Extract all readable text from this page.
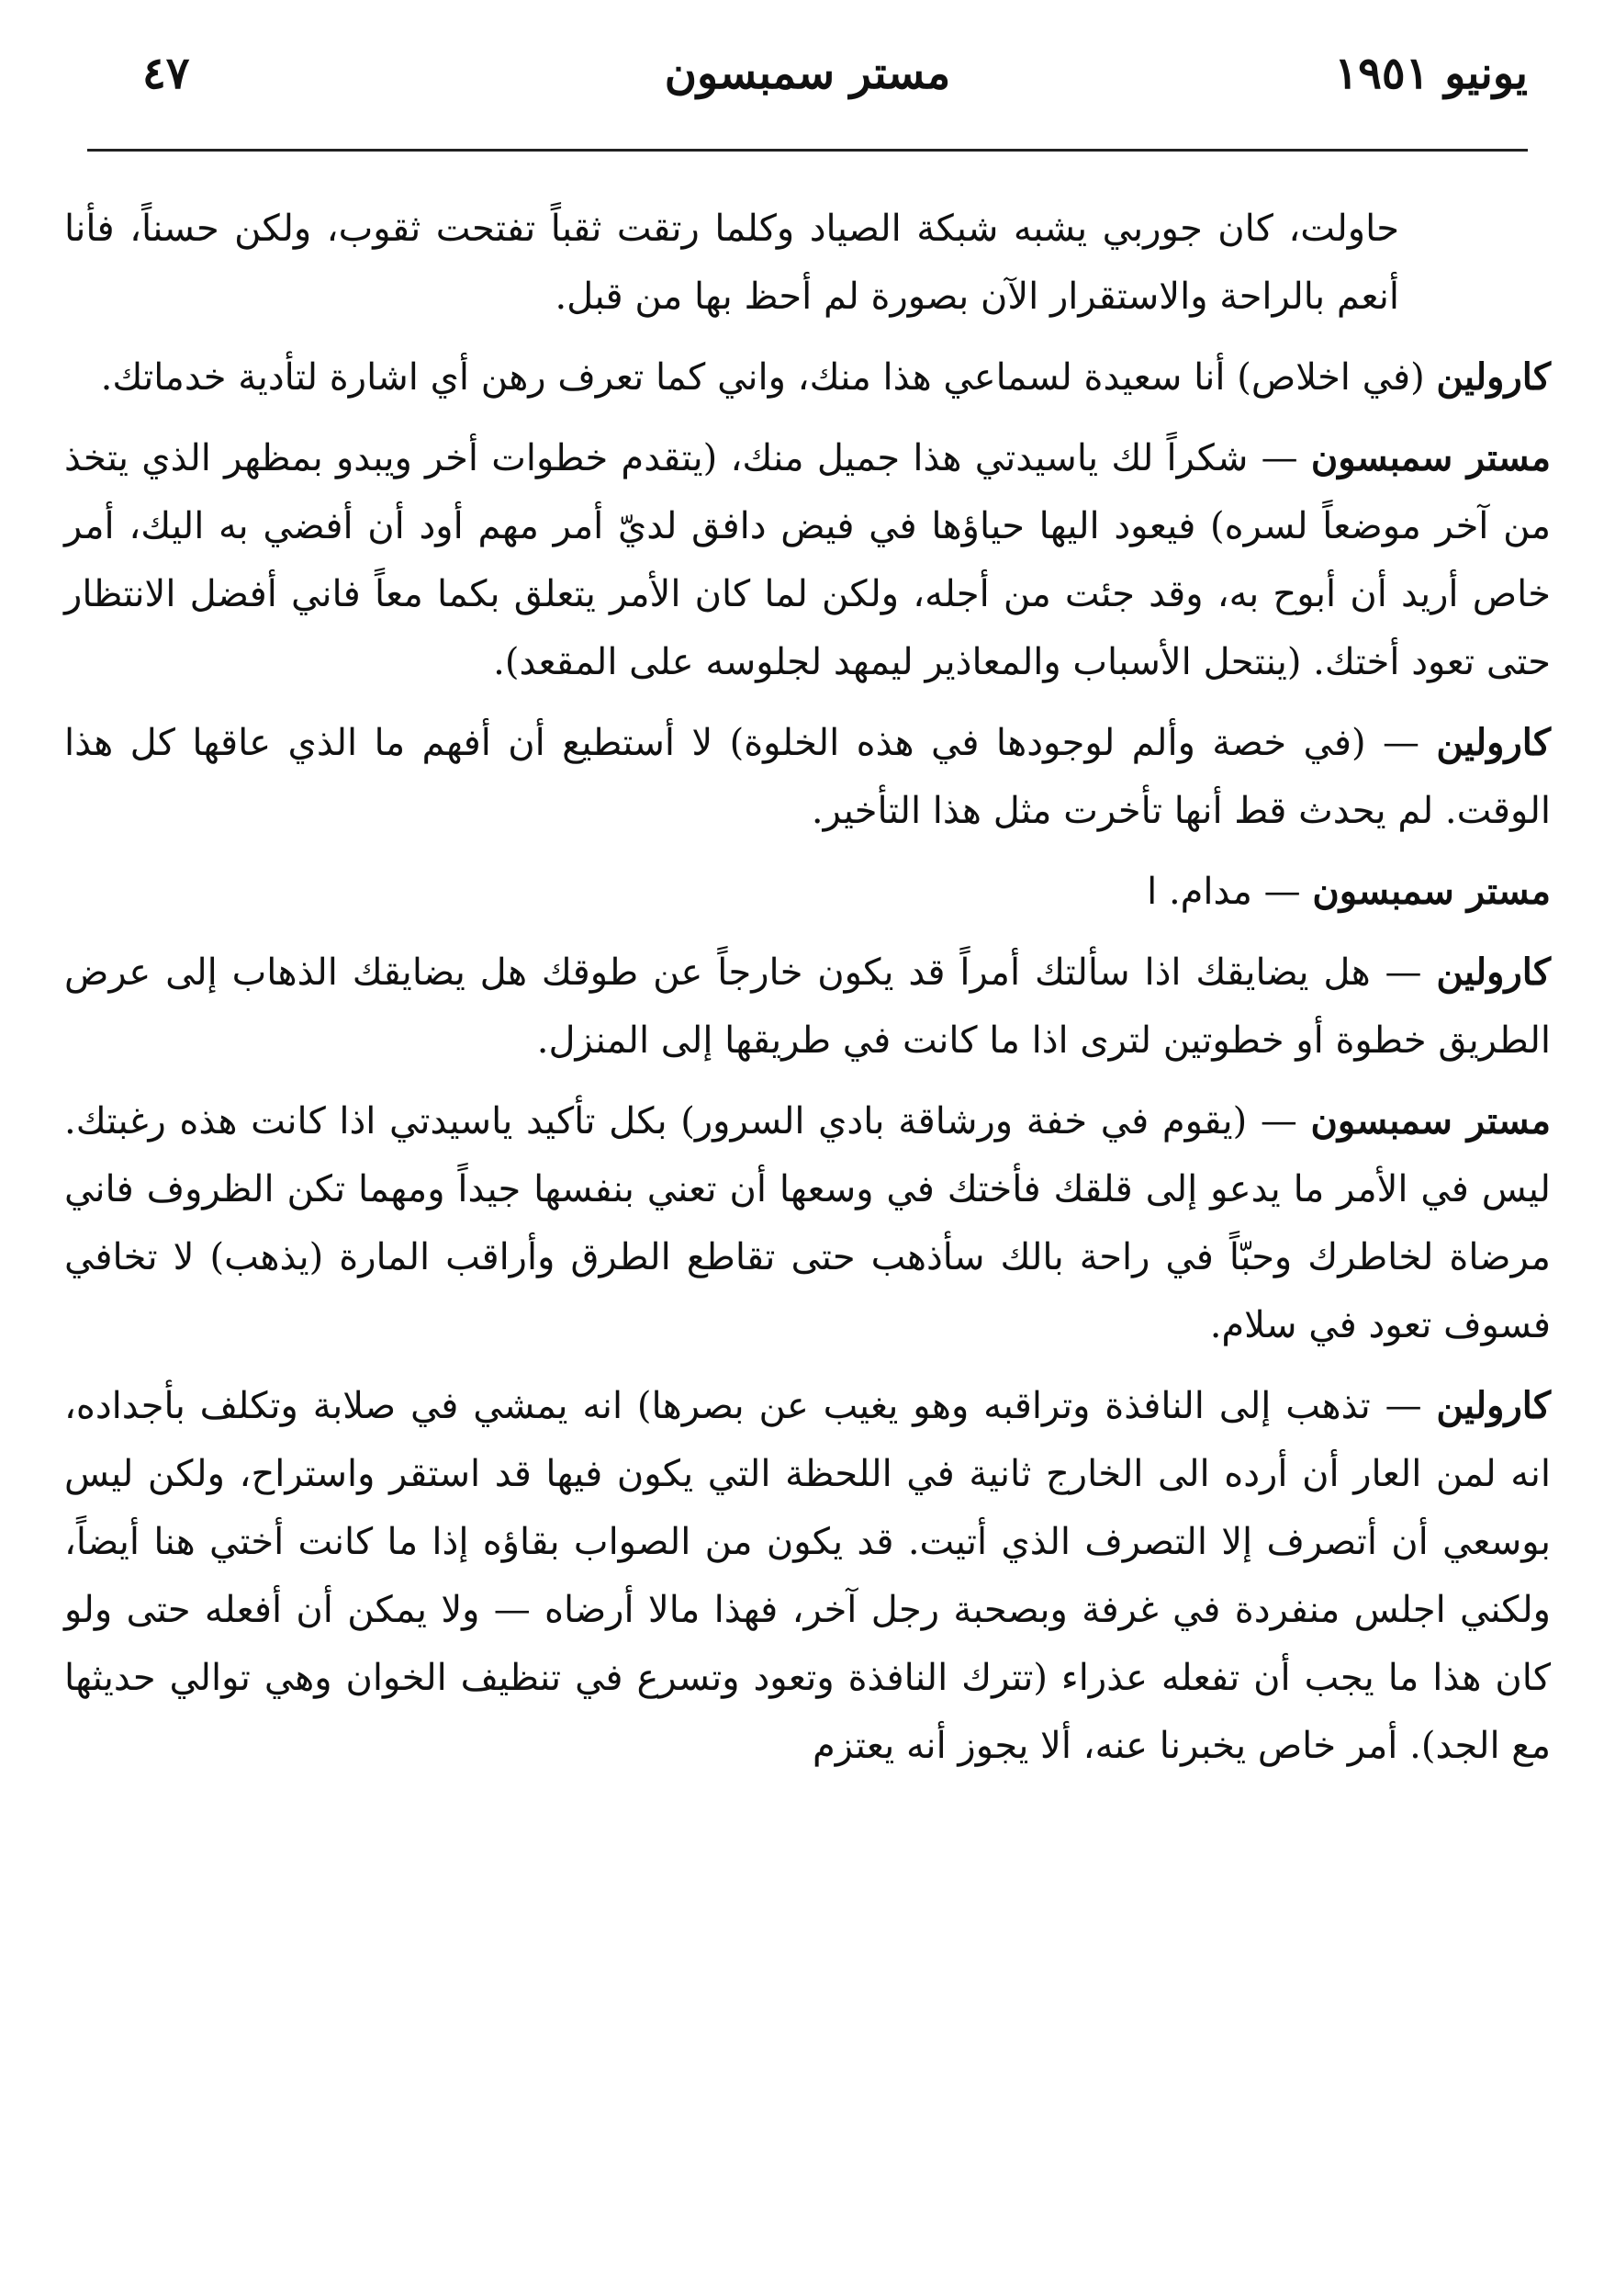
يونيو ١٩٥١
مستر سمبسون
٤٧

حاولت، كان جوربي يشبه شبكة الصياد وكلما رتقت ثقباً تفتحت ثقوب، ولكن حسناً، فأنا أنعم بالراحة والاستقرار الآن بصورة لم أحظ بها من قبل.

كارولين (في اخلاص) أنا سعيدة لسماعي هذا منك، واني كما تعرف رهن أي اشارة لتأدية خدماتك.

مستر سمبسون — شكراً لك ياسيدتي هذا جميل منك، (يتقدم خطوات أخر ويبدو بمظهر الذي يتخذ من آخر موضعاً لسره) فيعود اليها حياؤها في فيض دافق لديّ أمر مهم أود أن أفضي به اليك، أمر خاص أريد أن أبوح به، وقد جئت من أجله، ولكن لما كان الأمر يتعلق بكما معاً فاني أفضل الانتظار حتى تعود أختك. (ينتحل الأسباب والمعاذير ليمهد لجلوسه على المقعد).

كارولين — (في خصة وألم لوجودها في هذه الخلوة) لا أستطيع أن أفهم ما الذي عاقها كل هذا الوقت. لم يحدث قط أنها تأخرت مثل هذا التأخير.

مستر سمبسون — مدام. ا

كارولين — هل يضايقك اذا سألتك أمراً قد يكون خارجاً عن طوقك هل يضايقك الذهاب إلى عرض الطريق خطوة أو خطوتين لترى اذا ما كانت في طريقها إلى المنزل.

مستر سمبسون — (يقوم في خفة ورشاقة بادي السرور) بكل تأكيد ياسيدتي اذا كانت هذه رغبتك. ليس في الأمر ما يدعو إلى قلقك فأختك في وسعها أن تعني بنفسها جيداً ومهما تكن الظروف فاني مرضاة لخاطرك وحبّاً في راحة بالك سأذهب حتى تقاطع الطرق وأراقب المارة (يذهب) لا تخافي فسوف تعود في سلام.

كارولين — تذهب إلى النافذة وتراقبه وهو يغيب عن بصرها) انه يمشي في صلابة وتكلف بأجداده، انه لمن العار أن أرده الى الخارج ثانية في اللحظة التي يكون فيها قد استقر واستراح، ولكن ليس بوسعي أن أتصرف إلا التصرف الذي أتيت. قد يكون من الصواب بقاؤه إذا ما كانت أختي هنا أيضاً، ولكني اجلس منفردة في غرفة وبصحبة رجل آخر، فهذا مالا أرضاه — ولا يمكن أن أفعله حتى ولو كان هذا ما يجب أن تفعله عذراء (تترك النافذة وتعود وتسرع في تنظيف الخوان وهي توالي حديثها مع الجد). أمر خاص يخبرنا عنه، ألا يجوز أنه يعتزم
